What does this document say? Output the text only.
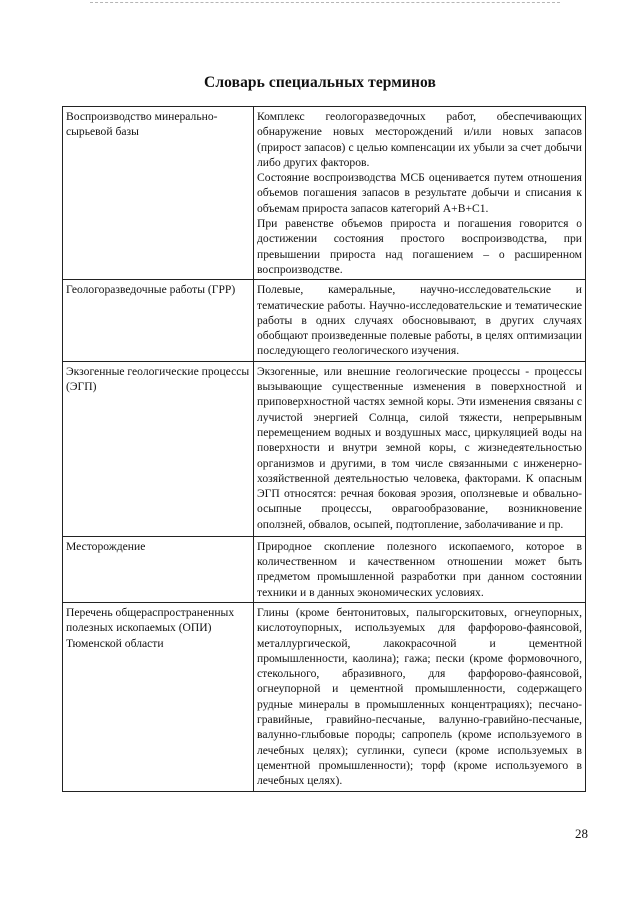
Словарь специальных терминов
Воспроизводство минерально-сырьевой базы	Комплекс геологоразведочных работ, обеспечивающих обнаружение новых месторождений и/или новых запасов (прирост запасов) с целью компенсации их убыли за счет добычи либо других факторов.
Состояние воспроизводства МСБ оценивается путем отношения объемов погашения запасов в результате добычи и списания к объемам прироста запасов категорий А+В+С1.
При равенстве объемов прироста и погашения говорится о достижении состояния простого воспроизводства, при превышении прироста над погашением – о расширенном воспроизводстве.

Геологоразведочные работы (ГРР)	Полевые, камеральные, научно-исследовательские и тематические работы. Научно-исследовательские и тематические работы в одних случаях обосновывают, в других случаях обобщают произведенные полевые работы, в целях оптимизации последующего геологического изучения.

Экзогенные геологические процессы (ЭГП)	Экзогенные, или внешние геологические процессы - процессы вызывающие существенные изменения в поверхностной и приповерхностной частях земной коры. Эти изменения связаны с лучистой энергией Солнца, силой тяжести, непрерывным перемещением водных и воздушных масс, циркуляцией воды на поверхности и внутри земной коры, с жизнедеятельностью организмов и другими, в том числе связанными с инженерно-хозяйственной деятельностью человека, факторами. К опасным ЭГП относятся: речная боковая эрозия, оползневые и обвально-осыпные процессы, оврагообразование, возникновение оползней, обвалов, осыпей, подтопление, заболачивание и пр.

Месторождение	Природное скопление полезного ископаемого, которое в количественном и качественном отношении может быть предметом промышленной разработки при данном состоянии техники и в данных экономических условиях.

Перечень общераспространенных полезных ископаемых (ОПИ) Тюменской области	Глины (кроме бентонитовых, палыгорскитовых, огнеупорных, кислотоупорных, используемых для фарфорово-фаянсовой, металлургической, лакокрасочной и цементной промышленности, каолина); гажа; пески (кроме формовочного, стекольного, абразивного, для фарфорово-фаянсовой, огнеупорной и цементной промышленности, содержащего рудные минералы в промышленных концентрациях); песчано-гравийные, гравийно-песчаные, валунно-гравийно-песчаные, валунно-глыбовые породы; сапропель (кроме используемого в лечебных целях); суглинки, супеси (кроме используемых в цементной промышленности); торф (кроме используемого в лечебных целях).
28
